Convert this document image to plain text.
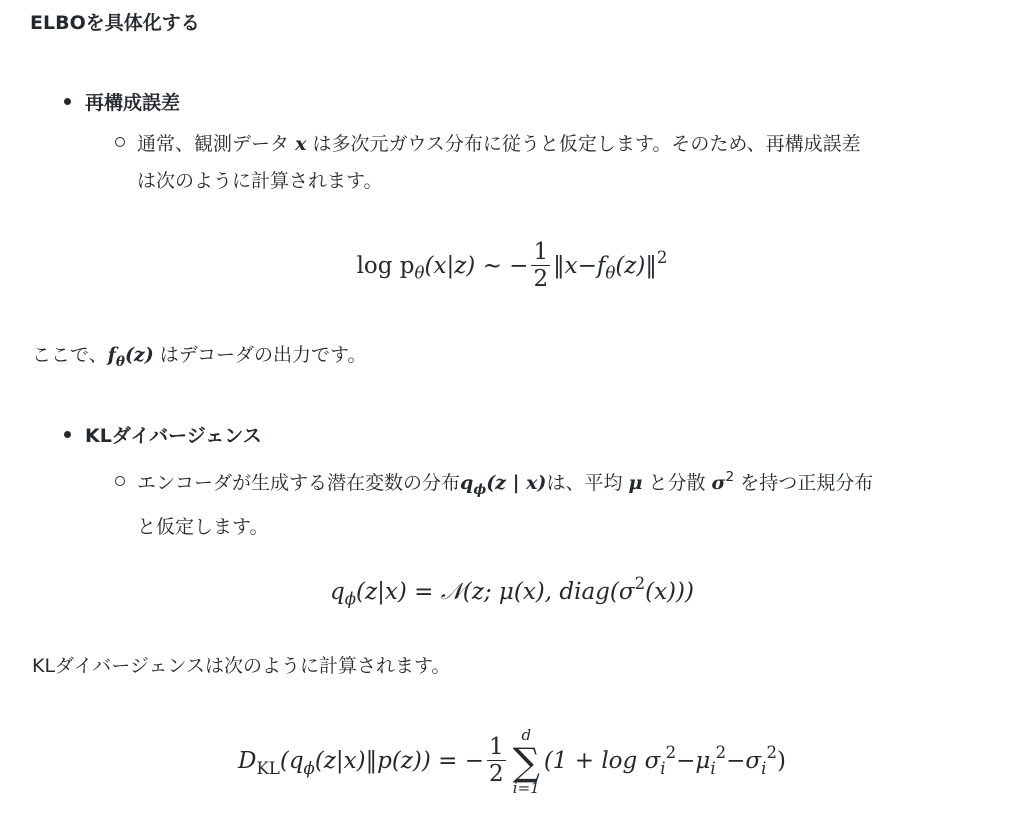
ELBOを具体化する
再構成誤差
通常、観測データ x は多次元ガウス分布に従うと仮定します。そのため、再構成誤差
は次のように計算されます。
$\log p_\theta(x|z)$ ∼ − $\frac{1}{2}$ $‖x-f_\theta(z)‖^2$
ここで、$f_\theta(z)$ はデコーダの出力です。
KLダイバージェンス
エンコーダが生成する潜在変数の分布$q_\phi(z$ | x)は、平均 μ と分散 $\sigma^2$ を持つ正規分布
と仮定します。
$q_\phi(z|x)$ = 𝒩(z; μ(x), $diag(\sigma^2(x))$)
KLダイバージェンスは次のように計算されます。
$D_{KL}(q_\phi(z|x)‖p(z))$ = − $\frac{1}{2}$
d
∑
i=1
$(1 + \log \sigma_i^2-\mu_i^2-\sigma_i^2)$
